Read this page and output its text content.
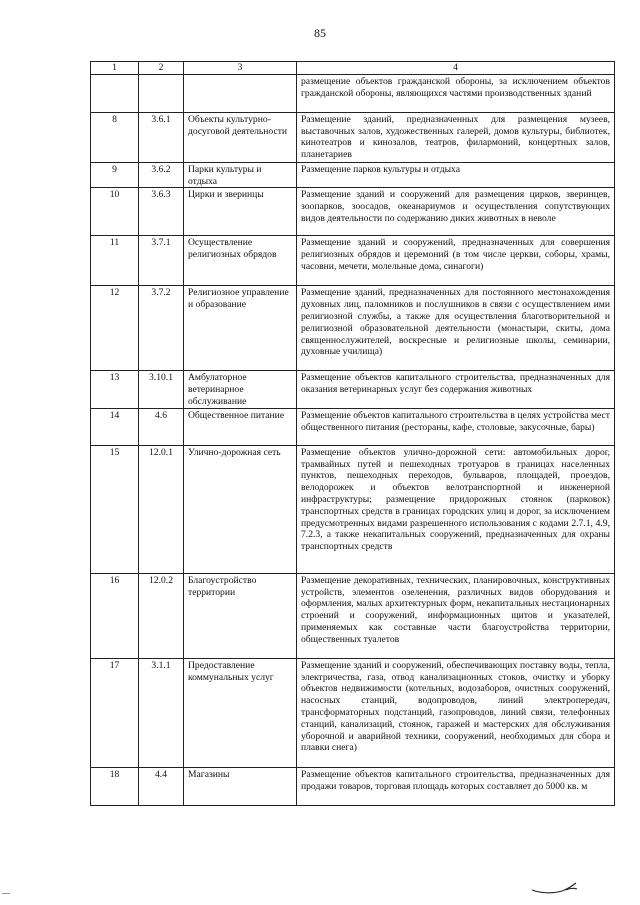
85
1	2	3	4
			размещение объектов гражданской обороны, за исключением объектов гражданской обороны, являющихся частями производственных зданий
8	3.6.1	Объекты культурно-досуговой деятельности	Размещение зданий, предназначенных для размещения музеев, выставочных залов, художественных галерей, домов культуры, библиотек, кинотеатров и кинозалов, театров, филармоний, концертных залов, планетариев
9	3.6.2	Парки культуры и отдыха	Размещение парков культуры и отдыха
10	3.6.3	Цирки и зверинцы	Размещение зданий и сооружений для размещения цирков, зверинцев, зоопарков, зоосадов, океанариумов и осуществления сопутствующих видов деятельности по содержанию диких животных в неволе
11	3.7.1	Осуществление религиозных обрядов	Размещение зданий и сооружений, предназначенных для совершения религиозных обрядов и церемоний (в том числе церкви, соборы, храмы, часовни, мечети, молельные дома, синагоги)
12	3.7.2	Религиозное управление и образование	Размещение зданий, предназначенных для постоянного местонахождения духовных лиц, паломников и послушников в связи с осуществлением ими религиозной службы, а также для осуществления благотворительной и религиозной образовательной деятельности (монастыри, скиты, дома священнослужителей, воскресные и религиозные школы, семинарии, духовные училища)
13	3.10.1	Амбулаторное ветеринарное обслуживание	Размещение объектов капитального строительства, предназначенных для оказания ветеринарных услуг без содержания животных
14	4.6	Общественное питание	Размещение объектов капитального строительства в целях устройства мест общественного питания (рестораны, кафе, столовые, закусочные, бары)
15	12.0.1	Улично-дорожная сеть	Размещение объектов улично-дорожной сети: автомобильных дорог, трамвайных путей и пешеходных тротуаров в границах населенных пунктов, пешеходных переходов, бульваров, площадей, проездов, велодорожек и объектов велотранспортной и инженерной инфраструктуры; размещение придорожных стоянок (парковок) транспортных средств в границах городских улиц и дорог, за исключением предусмотренных видами разрешенного использования с кодами 2.7.1, 4.9, 7.2.3, а также некапитальных сооружений, предназначенных для охраны транспортных средств
16	12.0.2	Благоустройство территории	Размещение декоративных, технических, планировочных, конструктивных устройств, элементов озеленения, различных видов оборудования и оформления, малых архитектурных форм, некапитальных нестационарных строений и сооружений, информационных щитов и указателей, применяемых как составные части благоустройства территории, общественных туалетов
17	3.1.1	Предоставление коммунальных услуг	Размещение зданий и сооружений, обеспечивающих поставку воды, тепла, электричества, газа, отвод канализационных стоков, очистку и уборку объектов недвижимости (котельных, водозаборов, очистных сооружений, насосных станций, водопроводов, линий электропередач, трансформаторных подстанций, газопроводов, линий связи, телефонных станций, канализаций, стоянок, гаражей и мастерских для обслуживания уборочной и аварийной техники, сооружений, необходимых для сбора и плавки снега)
18	4.4	Магазины	Размещение объектов капитального строительства, предназначенных для продажи товаров, торговая площадь которых составляет до 5000 кв. м
